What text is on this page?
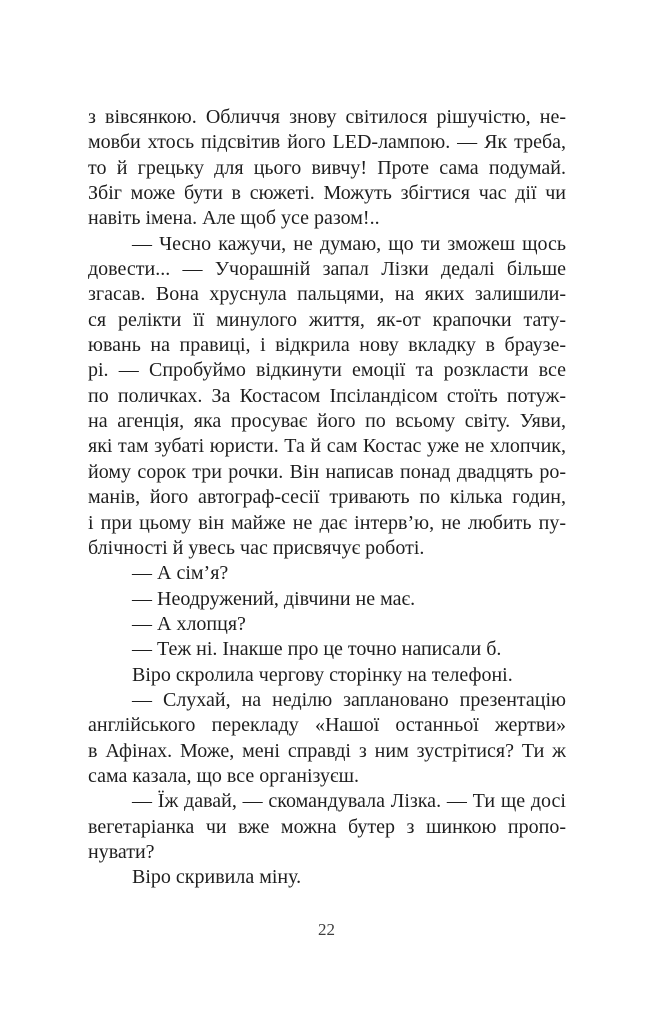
з вівсянкою. Обличчя знову світилося рішучістю, не-
мовби хтось підсвітив його LED-лампою. — Як треба,
то й грецьку для цього вивчу! Проте сама подумай.
Збіг може бути в сюжеті. Можуть збігтися час дії чи
навіть імена. Але щоб усе разом!..
— Чесно кажучи, не думаю, що ти зможеш щось
довести... — Учорашній запал Лізки дедалі більше
згасав. Вона хруснула пальцями, на яких залишили-
ся релікти її минулого життя, як-от крапочки тату-
ювань на правиці, і відкрила нову вкладку в браузе-
рі. — Спробуймо відкинути емоції та розкласти все
по поличках. За Костасом Іпсіландісом стоїть потуж-
на агенція, яка просуває його по всьому світу. Уяви,
які там зубаті юристи. Та й сам Костас уже не хлопчик,
йому сорок три рочки. Він написав понад двадцять ро-
манів, його автограф-сесії тривають по кілька годин,
і при цьому він майже не дає інтерв’ю, не любить пу-
блічності й увесь час присвячує роботі.
— А сім’я?
— Неодружений, дівчини не має.
— А хлопця?
— Теж ні. Інакше про це точно написали б.
Віро скролила чергову сторінку на телефоні.
— Слухай, на неділю заплановано презентацію
англійського перекладу «Нашої останньої жертви»
в Афінах. Може, мені справді з ним зустрітися? Ти ж
сама казала, що все організуєш.
— Їж давай, — скомандувала Лізка. — Ти ще досі
вегетаріанка чи вже можна бутер з шинкою пропо-
нувати?
Віро скривила міну.
22
